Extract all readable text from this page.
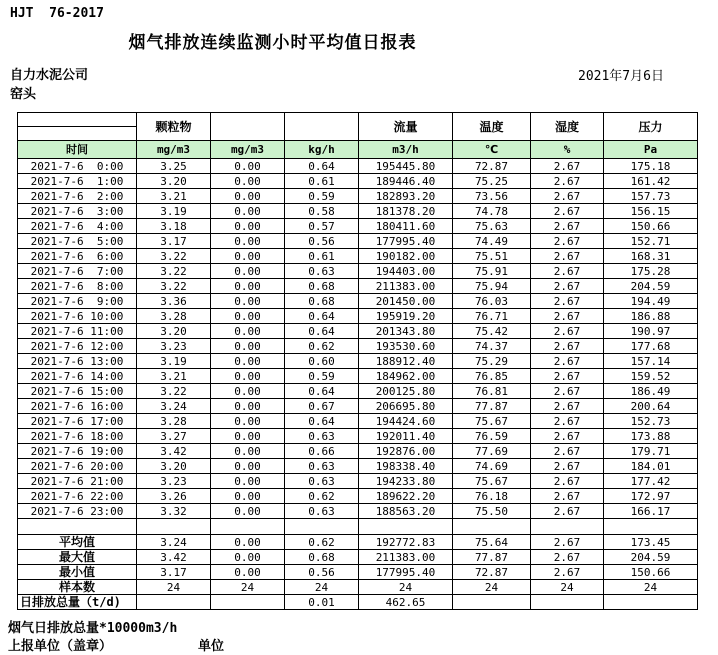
HJT  76-2017
烟气排放连续监测小时平均值日报表
自力水泥公司
窑头
2021年7月6日
	颗粒物			流量	温度	湿度	压力

时间	mg/m3	mg/m3	kg/h	m3/h	℃	%	Pa
2021-7-6  0:00	3.25	0.00	0.64	195445.80	72.87	2.67	175.18
2021-7-6  1:00	3.20	0.00	0.61	189446.40	75.25	2.67	161.42
2021-7-6  2:00	3.21	0.00	0.59	182893.20	73.56	2.67	157.73
2021-7-6  3:00	3.19	0.00	0.58	181378.20	74.78	2.67	156.15
2021-7-6  4:00	3.18	0.00	0.57	180411.60	75.63	2.67	150.66
2021-7-6  5:00	3.17	0.00	0.56	177995.40	74.49	2.67	152.71
2021-7-6  6:00	3.22	0.00	0.61	190182.00	75.51	2.67	168.31
2021-7-6  7:00	3.22	0.00	0.63	194403.00	75.91	2.67	175.28
2021-7-6  8:00	3.22	0.00	0.68	211383.00	75.94	2.67	204.59
2021-7-6  9:00	3.36	0.00	0.68	201450.00	76.03	2.67	194.49
2021-7-6 10:00	3.28	0.00	0.64	195919.20	76.71	2.67	186.88
2021-7-6 11:00	3.20	0.00	0.64	201343.80	75.42	2.67	190.97
2021-7-6 12:00	3.23	0.00	0.62	193530.60	74.37	2.67	177.68
2021-7-6 13:00	3.19	0.00	0.60	188912.40	75.29	2.67	157.14
2021-7-6 14:00	3.21	0.00	0.59	184962.00	76.85	2.67	159.52
2021-7-6 15:00	3.22	0.00	0.64	200125.80	76.81	2.67	186.49
2021-7-6 16:00	3.24	0.00	0.67	206695.80	77.87	2.67	200.64
2021-7-6 17:00	3.28	0.00	0.64	194424.60	75.67	2.67	152.73
2021-7-6 18:00	3.27	0.00	0.63	192011.40	76.59	2.67	173.88
2021-7-6 19:00	3.42	0.00	0.66	192876.00	77.69	2.67	179.71
2021-7-6 20:00	3.20	0.00	0.63	198338.40	74.69	2.67	184.01
2021-7-6 21:00	3.23	0.00	0.63	194233.80	75.67	2.67	177.42
2021-7-6 22:00	3.26	0.00	0.62	189622.20	76.18	2.67	172.97
2021-7-6 23:00	3.32	0.00	0.63	188563.20	75.50	2.67	166.17

平均值	3.24	0.00	0.62	192772.83	75.64	2.67	173.45
最大值	3.42	0.00	0.68	211383.00	77.87	2.67	204.59
最小值	3.17	0.00	0.56	177995.40	72.87	2.67	150.66
样本数	24	24	24	24	24	24	24
日排放总量（t/d)			0.01	462.65			
烟气日排放总量*10000m3/h
上报单位（盖章）	单位
